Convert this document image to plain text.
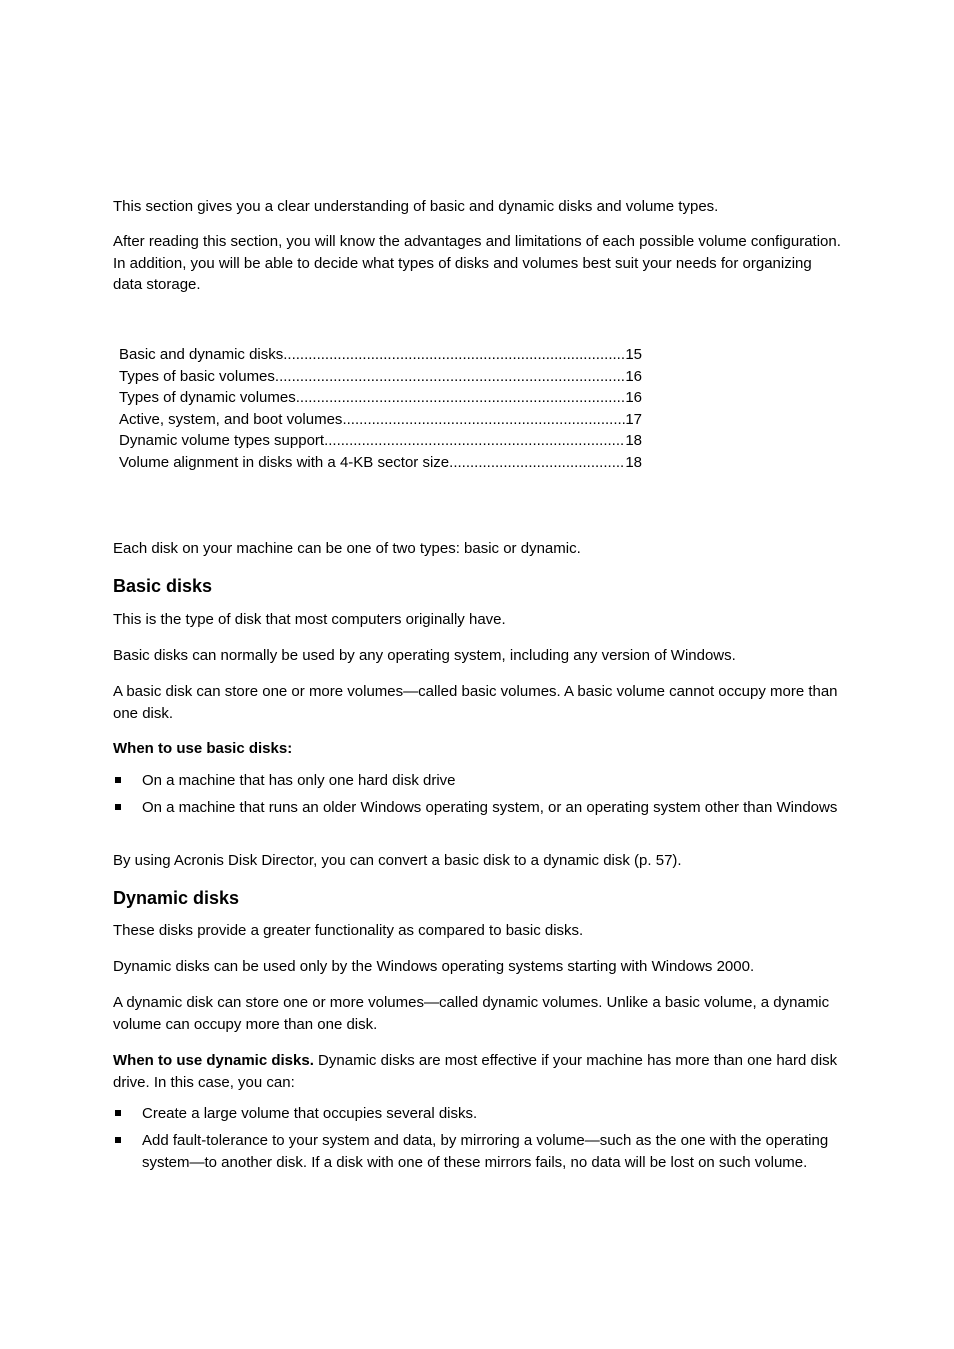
This section gives you a clear understanding of basic and dynamic disks and volume types.

After reading this section, you will know the advantages and limitations of each possible volume configuration. In addition, you will be able to decide what types of disks and volumes best suit your needs for organizing data storage.

Basic and dynamic disks .....	15
Types of basic volumes .....	16
Types of dynamic volumes .....	16
Active, system, and boot volumes .....	17
Dynamic volume types support .....	18
Volume alignment in disks with a 4-KB sector size .....	18

Each disk on your machine can be one of two types: basic or dynamic.

Basic disks

This is the type of disk that most computers originally have.

Basic disks can normally be used by any operating system, including any version of Windows.

A basic disk can store one or more volumes—called basic volumes. A basic volume cannot occupy more than one disk.

When to use basic disks:

On a machine that has only one hard disk drive
On a machine that runs an older Windows operating system, or an operating system other than Windows

By using Acronis Disk Director, you can convert a basic disk to a dynamic disk (p. 57).

Dynamic disks

These disks provide a greater functionality as compared to basic disks.

Dynamic disks can be used only by the Windows operating systems starting with Windows 2000.

A dynamic disk can store one or more volumes—called dynamic volumes. Unlike a basic volume, a dynamic volume can occupy more than one disk.

When to use dynamic disks. Dynamic disks are most effective if your machine has more than one hard disk drive. In this case, you can:

Create a large volume that occupies several disks.
Add fault-tolerance to your system and data, by mirroring a volume—such as the one with the operating system—to another disk. If a disk with one of these mirrors fails, no data will be lost on such volume.
